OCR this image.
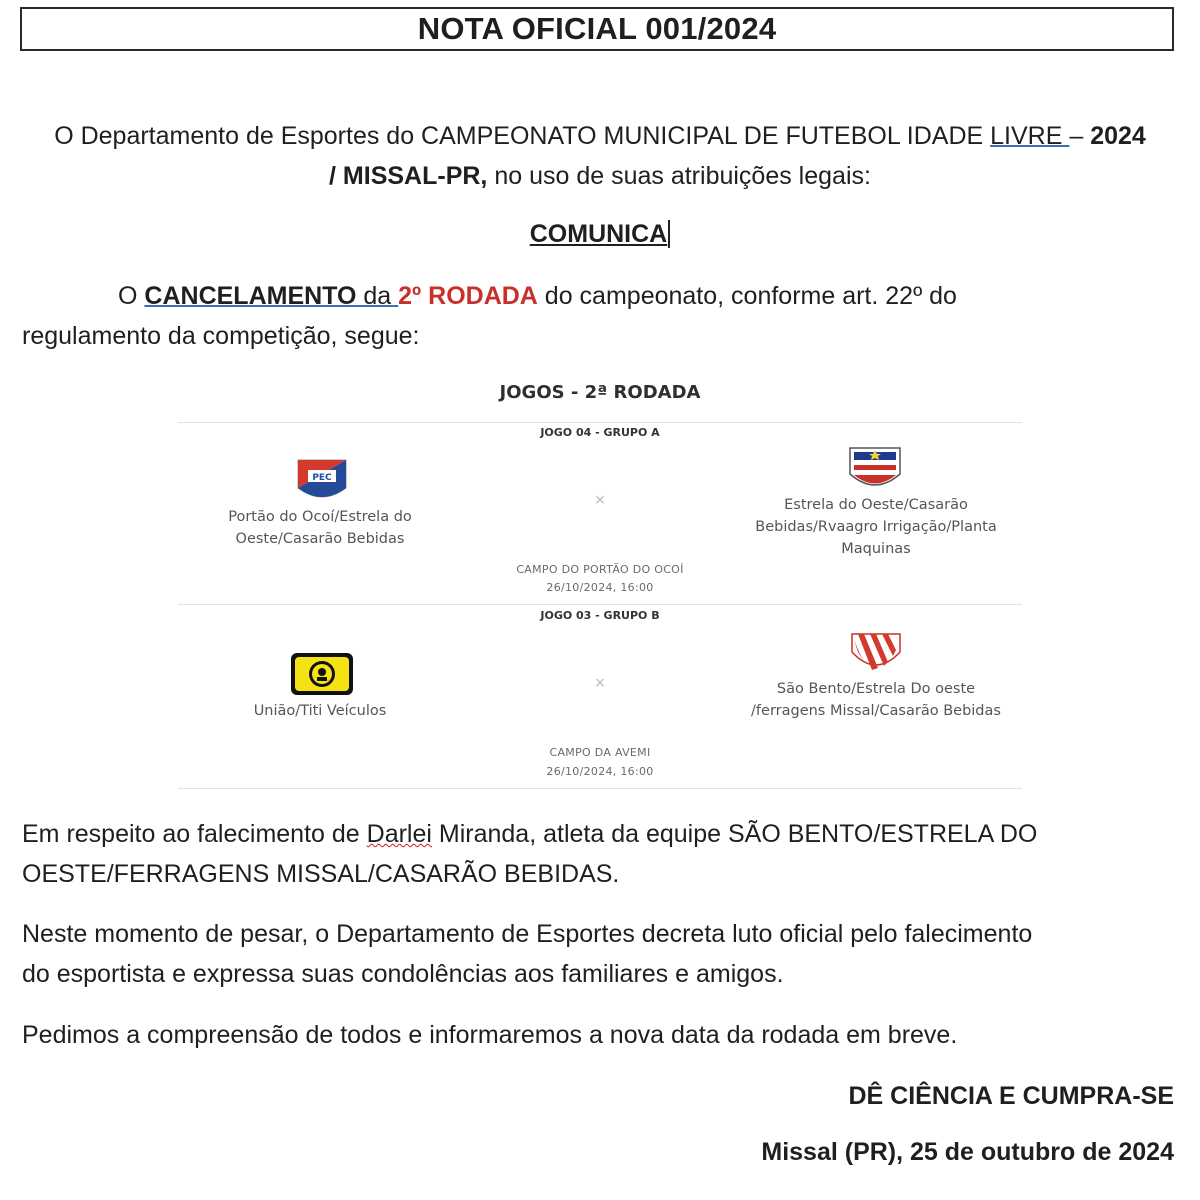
NOTA OFICIAL 001/2024
O Departamento de Esportes do CAMPEONATO MUNICIPAL DE FUTEBOL IDADE LIVRE – 2024
/ MISSAL-PR, no uso de suas atribuições legais:
COMUNICA
O CANCELAMENTO da 2º RODADA do campeonato, conforme art. 22º do
regulamento da competição, segue:
JOGOS - 2ª RODADA
JOGO 04 - GRUPO A
PEC
Portão do Ocoí/Estrela do Oeste/Casarão Bebidas
×	Estrela do Oeste/Casarão Bebidas/Rvaagro Irrigação/Planta Maquinas
CAMPO DO PORTÃO DO OCOÍ
26/10/2024, 16:00
JOGO 03 - GRUPO B
União/Titi Veículos
×	São Bento/Estrela Do oeste /ferragens Missal/Casarão Bebidas
CAMPO DA AVEMI
26/10/2024, 16:00
Em respeito ao falecimento de Darlei Miranda, atleta da equipe SÃO BENTO/ESTRELA DO
OESTE/FERRAGENS MISSAL/CASARÃO BEBIDAS.
Neste momento de pesar, o Departamento de Esportes decreta luto oficial pelo falecimento
do esportista e expressa suas condolências aos familiares e amigos.
Pedimos a compreensão de todos e informaremos a nova data da rodada em breve.
DÊ CIÊNCIA E CUMPRA-SE
Missal (PR), 25 de outubro de 2024
